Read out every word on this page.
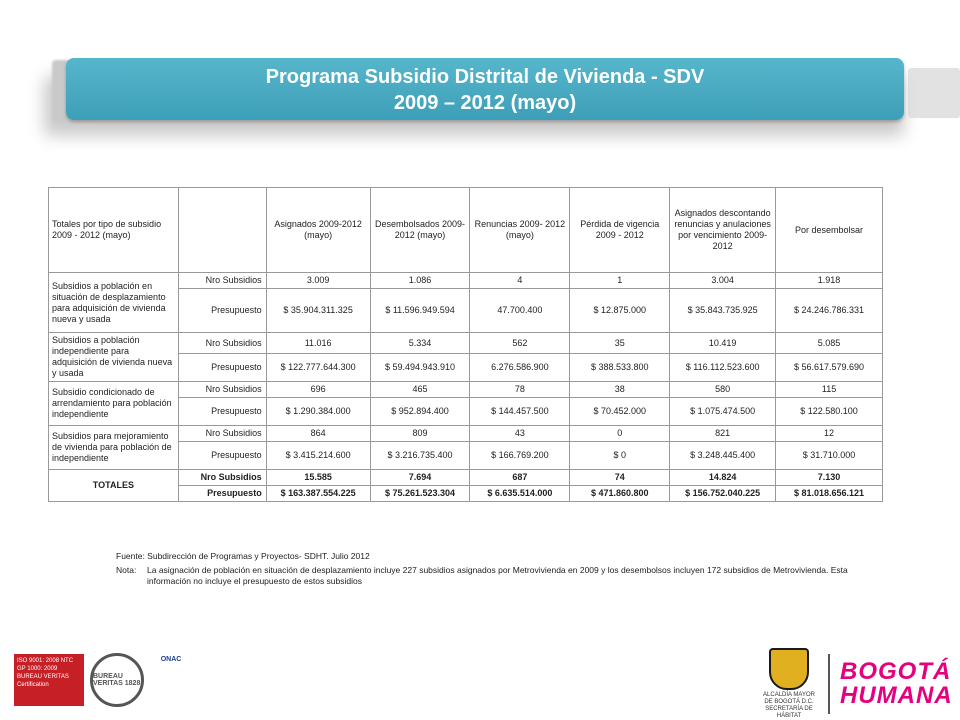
Programa Subsidio Distrital de Vivienda - SDV
2009 – 2012 (mayo)
Totales por tipo de subsidio 2009 - 2012 (mayo)		Asignados 2009-2012 (mayo)	Desembolsados 2009-2012 (mayo)	Renuncias 2009- 2012 (mayo)	Pérdida de vigencia 2009 - 2012	Asignados descontando renuncias y anulaciones por vencimiento 2009-2012	Por desembolsar
Subsidios a población en situación de desplazamiento para adquisición de vivienda nueva y usada	Nro Subsidios	3.009	1.086	4	1	3.004	1.918
	Presupuesto	$ 35.904.311.325	$ 11.596.949.594	47.700.400	$ 12.875.000	$ 35.843.735.925	$ 24.246.786.331
Subsidios a población independiente para adquisición de vivienda nueva y usada	Nro Subsidios	11.016	5.334	562	35	10.419	5.085
	Presupuesto	$ 122.777.644.300	$ 59.494.943.910	6.276.586.900	$ 388.533.800	$ 116.112.523.600	$ 56.617.579.690
Subsidio condicionado de arrendamiento para población independiente	Nro Subsidios	696	465	78	38	580	115
	Presupuesto	$ 1.290.384.000	$ 952.894.400	$ 144.457.500	$ 70.452.000	$ 1.075.474.500	$ 122.580.100
Subsidios para mejoramiento de vivienda para población de independiente	Nro Subsidios	864	809	43	0	821	12
	Presupuesto	$ 3.415.214.600	$ 3.216.735.400	$ 166.769.200	$ 0	$ 3.248.445.400	$ 31.710.000
TOTALES	Nro Subsidios	15.585	7.694	687	74	14.824	7.130
	Presupuesto	$ 163.387.554.225	$ 75.261.523.304	$ 6.635.514.000	$ 471.860.800	$ 156.752.040.225	$ 81.018.656.121
Fuente: Subdirección de Programas y Proyectos- SDHT. Julio 2012
Nota:	La asignación de población en situación de desplazamiento incluye 227 subsidios asignados por Metrovivienda en 2009 y los desembolsos incluyen 172 subsidios de Metrovivienda. Esta información no incluye el presupuesto de estos subsidios
ISO 9001: 2008 NTC GP 1000: 2009 BUREAU VERITAS Certification
BUREAU VERITAS 1828
ONAC
ALCALDÍA MAYOR DE BOGOTÁ D.C. SECRETARÍA DE HÁBITAT
BOGOTÁ
HUMANA
